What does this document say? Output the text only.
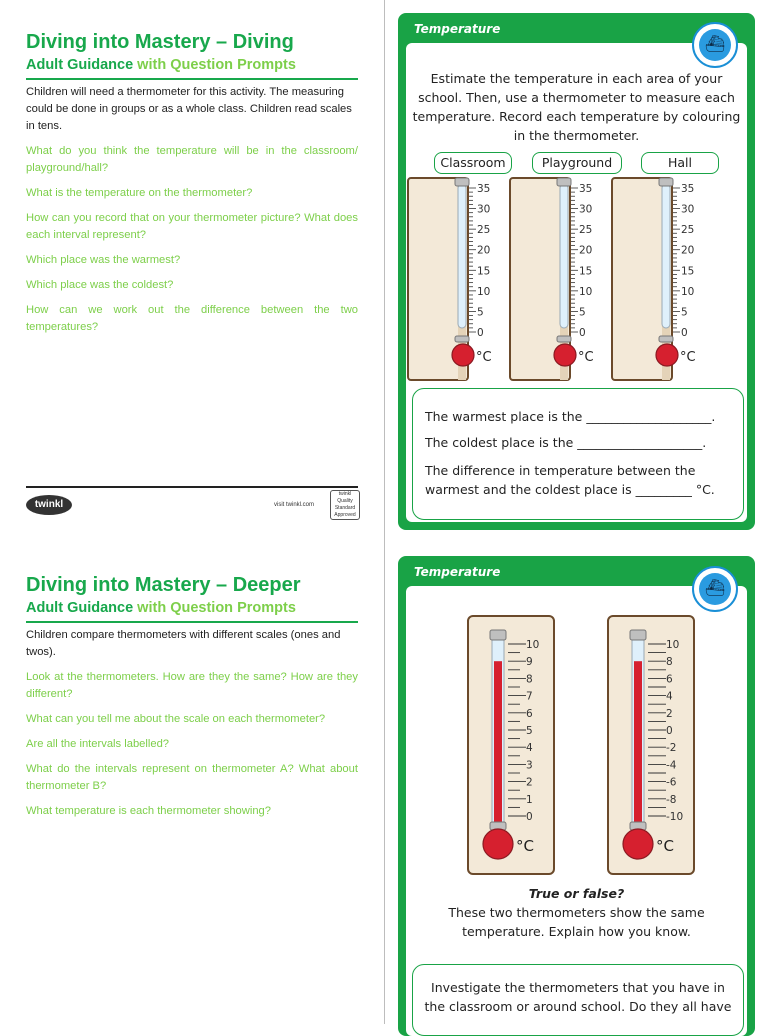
Diving into Mastery – Diving
Adult Guidance with Question Prompts
Children will need a thermometer for this activity. The measuring could be done in groups or as a whole class. Children read scales in tens.
What do you think the temperature will be in the classroom/ playground/hall?
What is the temperature on the thermometer?
How can you record that on your thermometer picture? What does each interval represent?
Which place was the warmest?
Which place was the coldest?
How can we work out the difference between the two temperatures?
twinkl	visit twinkl.com
twinkl Quality Standard Approved
Diving into Mastery – Deeper
Adult Guidance with Question Prompts
Children compare thermometers with different scales (ones and twos).
Look at the thermometers. How are they the same? How are they different?
What can you tell me about the scale on each thermometer?
Are all the intervals labelled?
What do the intervals represent on thermometer A? What about thermometer B?
What temperature is each thermometer showing?
Temperature
⛴
Estimate the temperature in each area of your
school. Then, use a thermometer to measure each
temperature. Record each temperature by colouring
in the thermometer.
Classroom	Playground	Hall
°C
35
30
25
20
15
10
5
0
°C
35
30
25
20
15
10
5
0
°C
35
30
25
20
15
10
5
0
The warmest place is the ____________________.
The coldest place is the ____________________.
The difference in temperature between the
warmest and the coldest place is _________ °C.
Temperature
⛴
°C
10
9
8
7
6
5
4
3
2
1
0
°C
10
8
6
4
2
0
-2
-4
-6
-8
-10
True or false?
These two thermometers show the same
temperature. Explain how you know.
Investigate the thermometers that you have in
the classroom or around school. Do they all have
